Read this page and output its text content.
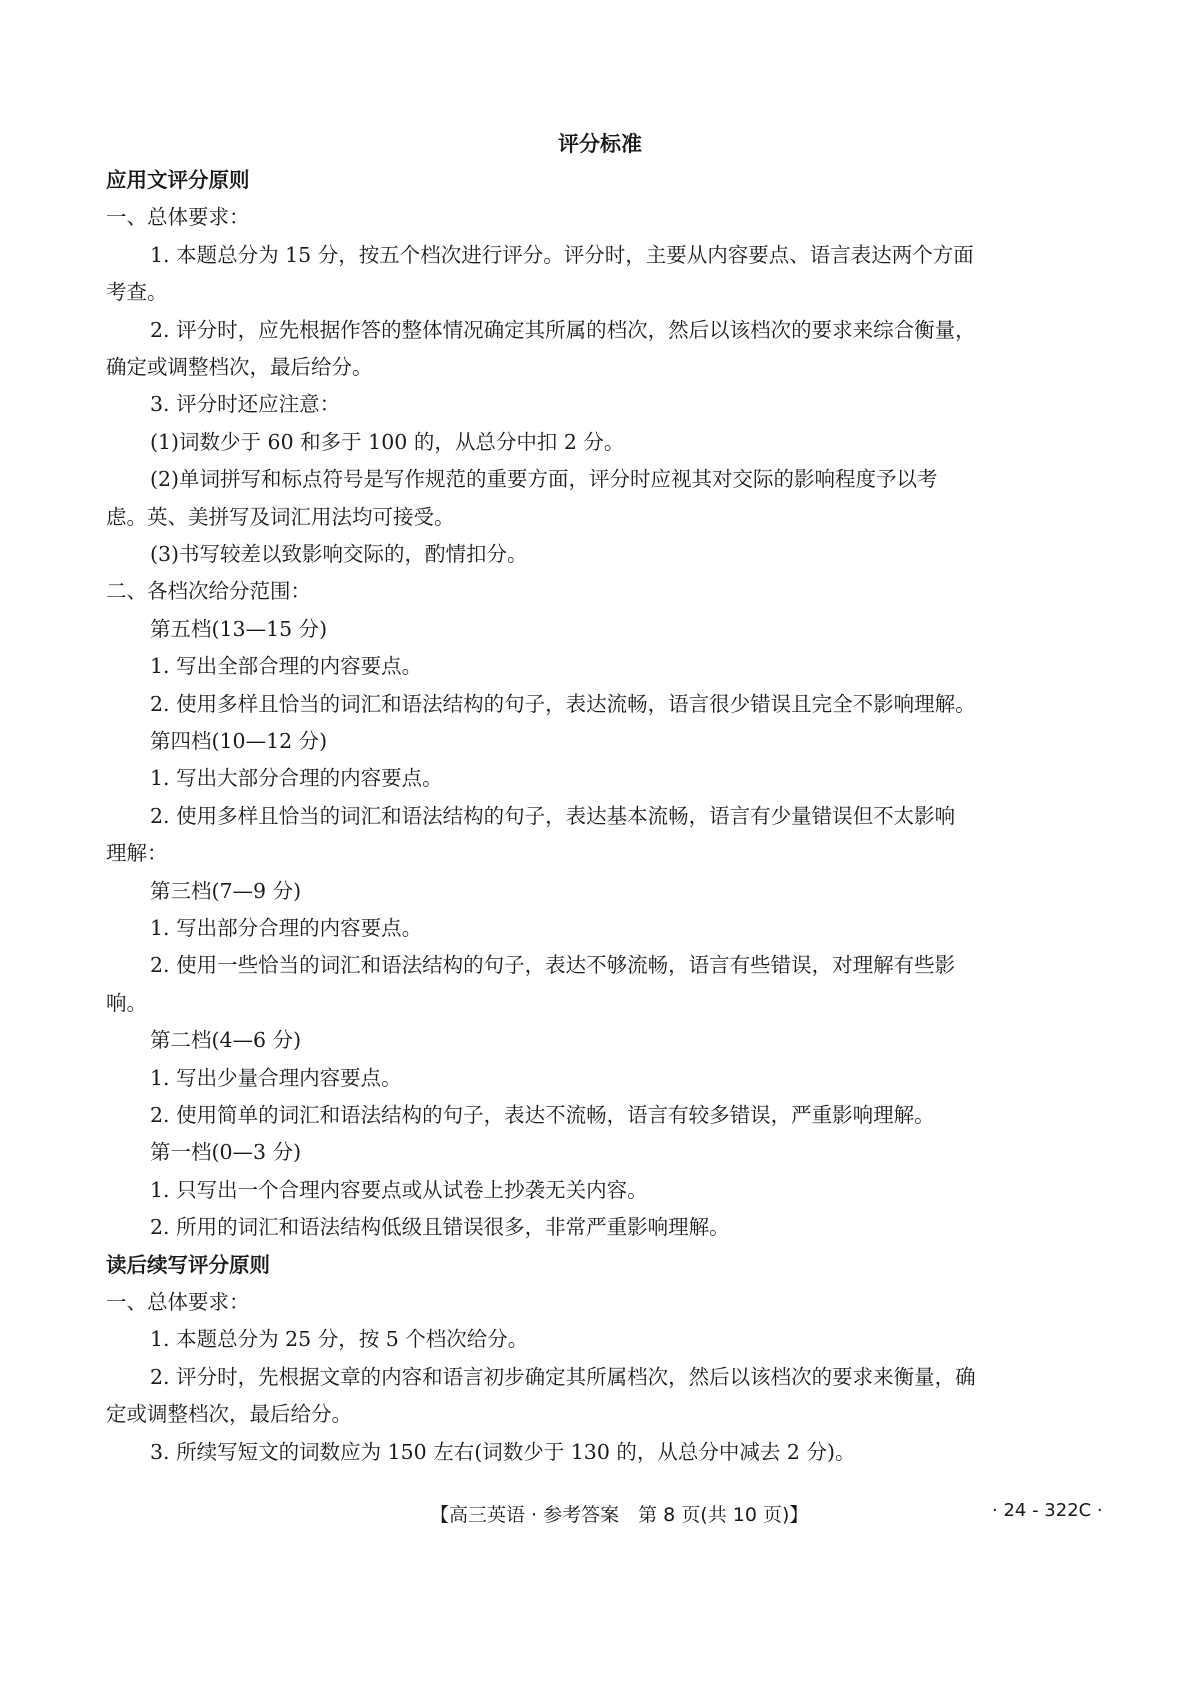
评分标准
应用文评分原则
一、总体要求：
1. 本题总分为 15 分，按五个档次进行评分。评分时，主要从内容要点、语言表达两个方面
考查。
2. 评分时，应先根据作答的整体情况确定其所属的档次，然后以该档次的要求来综合衡量，
确定或调整档次，最后给分。
3. 评分时还应注意：
(1)词数少于 60 和多于 100 的，从总分中扣 2 分。
(2)单词拼写和标点符号是写作规范的重要方面，评分时应视其对交际的影响程度予以考
虑。英、美拼写及词汇用法均可接受。
(3)书写较差以致影响交际的，酌情扣分。
二、各档次给分范围：
第五档(13—15 分)
1. 写出全部合理的内容要点。
2. 使用多样且恰当的词汇和语法结构的句子，表达流畅，语言很少错误且完全不影响理解。
第四档(10—12 分)
1. 写出大部分合理的内容要点。
2. 使用多样且恰当的词汇和语法结构的句子，表达基本流畅，语言有少量错误但不太影响
理解：
第三档(7—9 分)
1. 写出部分合理的内容要点。
2. 使用一些恰当的词汇和语法结构的句子，表达不够流畅，语言有些错误，对理解有些影
响。
第二档(4—6 分)
1. 写出少量合理内容要点。
2. 使用简单的词汇和语法结构的句子，表达不流畅，语言有较多错误，严重影响理解。
第一档(0—3 分)
1. 只写出一个合理内容要点或从试卷上抄袭无关内容。
2. 所用的词汇和语法结构低级且错误很多，非常严重影响理解。
读后续写评分原则
一、总体要求：
1. 本题总分为 25 分，按 5 个档次给分。
2. 评分时，先根据文章的内容和语言初步确定其所属档次，然后以该档次的要求来衡量，确
定或调整档次，最后给分。
3. 所续写短文的词数应为 150 左右(词数少于 130 的，从总分中减去 2 分)。
【高三英语 · 参考答案　第 8 页(共 10 页)】	· 24 - 322C ·
